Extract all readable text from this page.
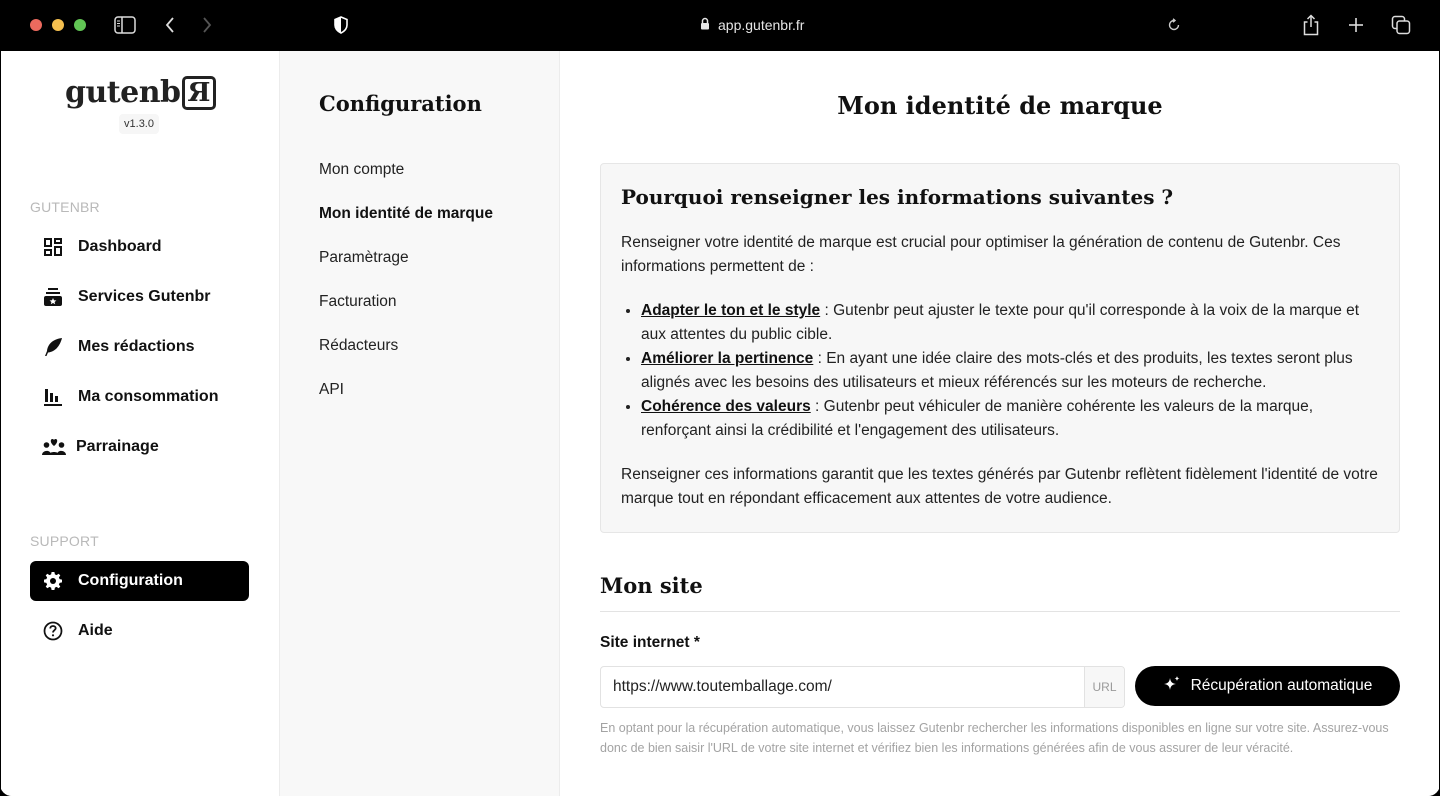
app.gutenbr.fr
gutenb Я
v1.3.0
GUTENBR
Dashboard
Services Gutenbr
Mes rédactions
Ma consommation
Parrainage
SUPPORT
Configuration
Aide
Configuration
Mon compte
Mon identité de marque
Paramètrage
Facturation
Rédacteurs
API
Mon identité de marque
Pourquoi renseigner les informations suivantes ?

Renseigner votre identité de marque est crucial pour optimiser la génération de contenu de Gutenbr. Ces informations permettent de :

• Adapter le ton et le style : Gutenbr peut ajuster le texte pour qu'il corresponde à la voix de la marque et aux attentes du public cible.
• Améliorer la pertinence : En ayant une idée claire des mots-clés et des produits, les textes seront plus alignés avec les besoins des utilisateurs et mieux référencés sur les moteurs de recherche.
• Cohérence des valeurs : Gutenbr peut véhiculer de manière cohérente les valeurs de la marque, renforçant ainsi la crédibilité et l'engagement des utilisateurs.

Renseigner ces informations garantit que les textes générés par Gutenbr reflètent fidèlement l'identité de votre marque tout en répondant efficacement aux attentes de votre audience.

Mon site
Site internet *
https://www.toutemballage.com/
URL	Récupération automatique

En optant pour la récupération automatique, vous laissez Gutenbr rechercher les informations disponibles en ligne sur votre site. Assurez-vous donc de bien saisir l'URL de votre site internet et vérifiez bien les informations générées afin de vous assurer de leur véracité.
